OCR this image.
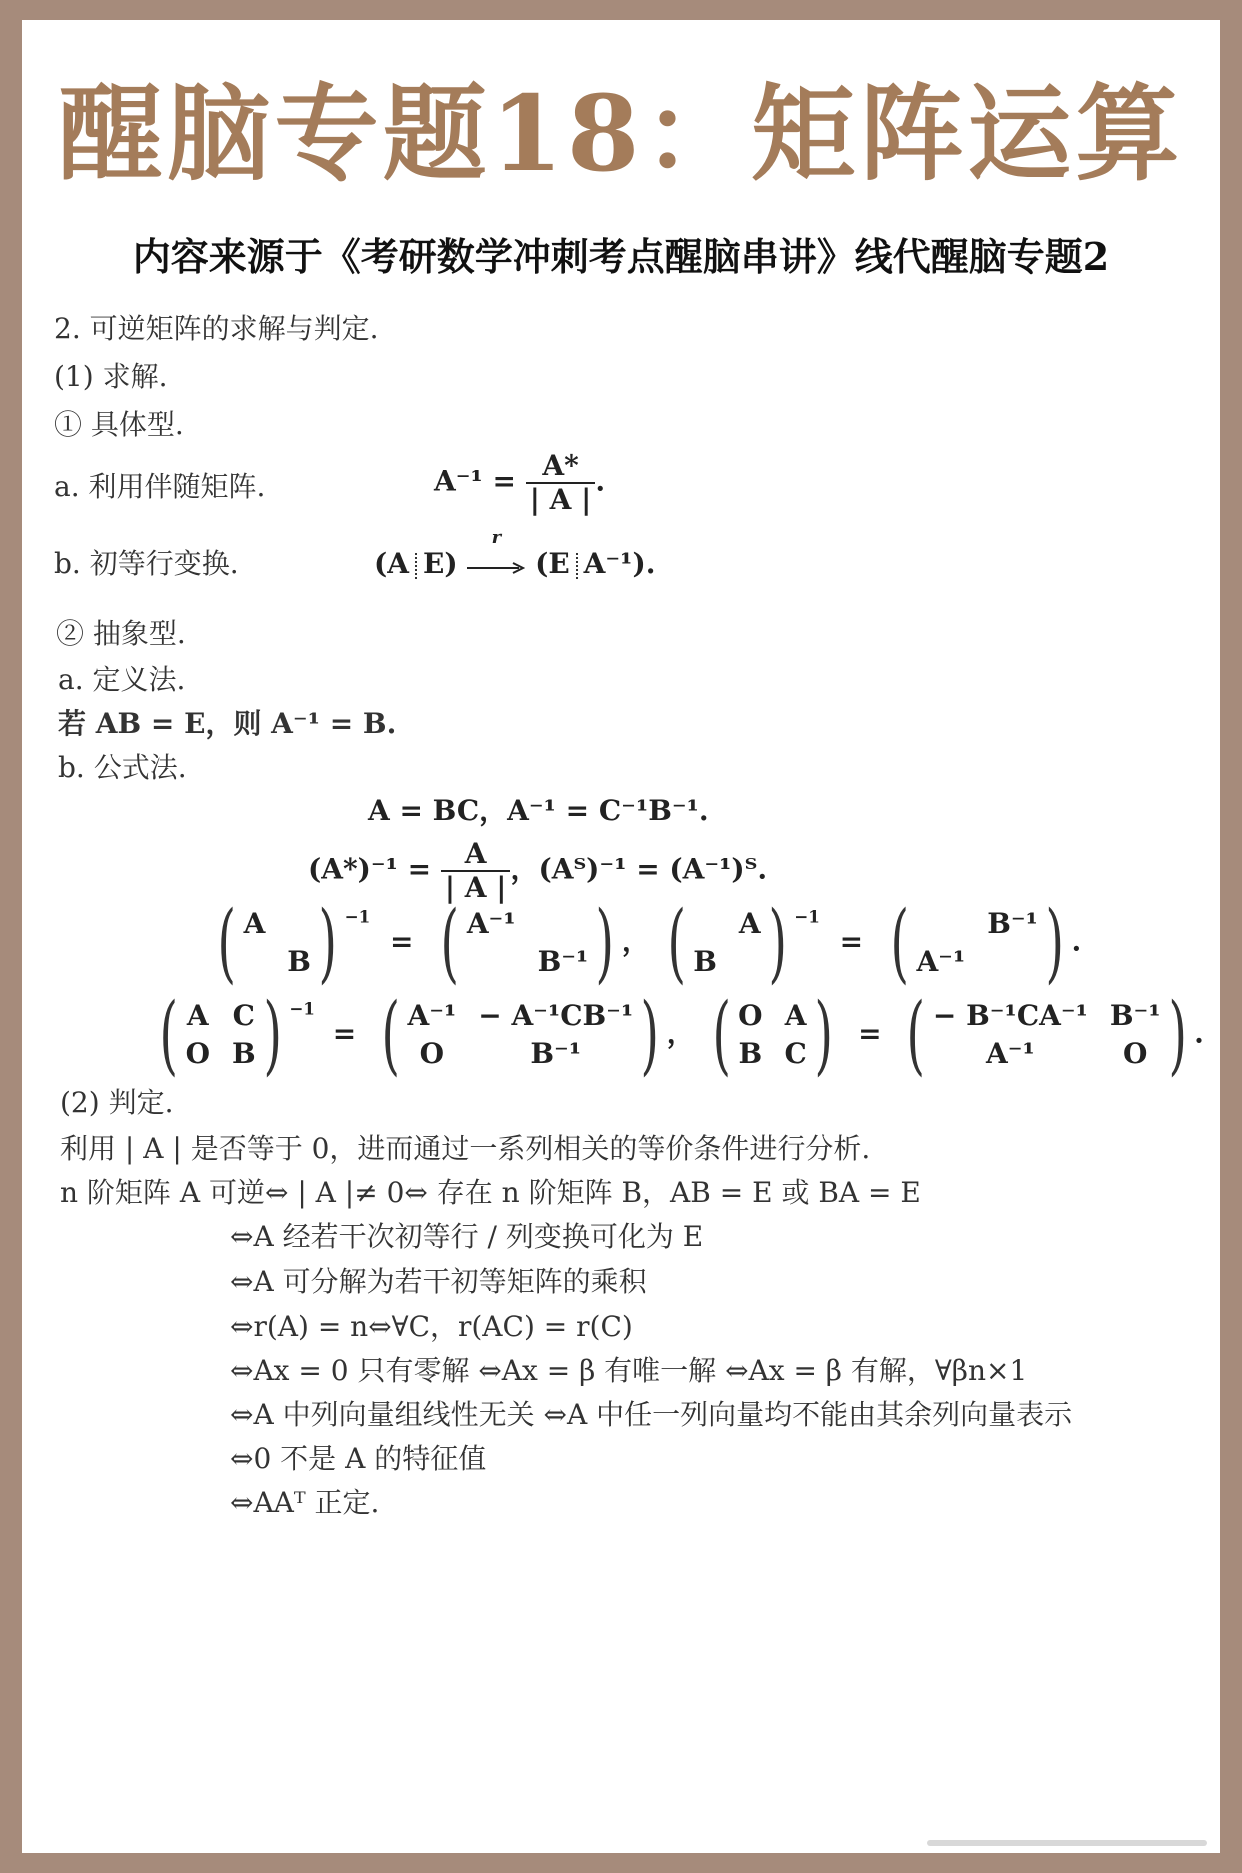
醒脑专题18：矩阵运算
内容来源于《考研数学冲刺考点醒脑串讲》线代醒脑专题2
2. 可逆矩阵的求解与判定.
(1) 求解.
① 具体型.
a. 利用伴随矩阵.	$A^{-1} = \frac{A*}{| A |}$ .
b. 初等行变换.	(A E)
r
(E A⁻¹).
② 抽象型.
a. 定义法.
若 AB = E，则 A⁻¹ = B.
b. 公式法.
A = BC，A⁻¹ = C⁻¹B⁻¹.
$(A*)^{-1} = \frac{A}{| A |}$ ，(Aᵀ)⁻¹ = (A⁻¹)ᵀ.
( A
B ) $^{-1}$ = ( A⁻¹
B⁻¹ ) ， ( A
B ) $^{-1}$ = (	B⁻¹
A⁻¹ ) .
( A C
O B ) $^{-1}$ = ( A⁻¹ − A⁻¹CB⁻¹
O	B⁻¹ ) ， ( O A
B C ) = ( − B⁻¹CA⁻¹ B⁻¹
A⁻¹	O ) .
(2) 判定.
利用 | A | 是否等于 0，进而通过一系列相关的等价条件进行分析.
n 阶矩阵 A 可逆⇔ | A |≠ 0⇔ 存在 n 阶矩阵 B，AB = E 或 BA = E
⇔A 经若干次初等行 / 列变换可化为 E
⇔A 可分解为若干初等矩阵的乘积
⇔r(A) = n⇔∀C，r(AC) = r(C)
⇔Ax = 0 只有零解 ⇔Ax = β 有唯一解 ⇔Ax = β 有解，∀βn×1
⇔A 中列向量组线性无关 ⇔A 中任一列向量均不能由其余列向量表示
⇔0 不是 A 的特征值
⇔AAᵀ 正定.
